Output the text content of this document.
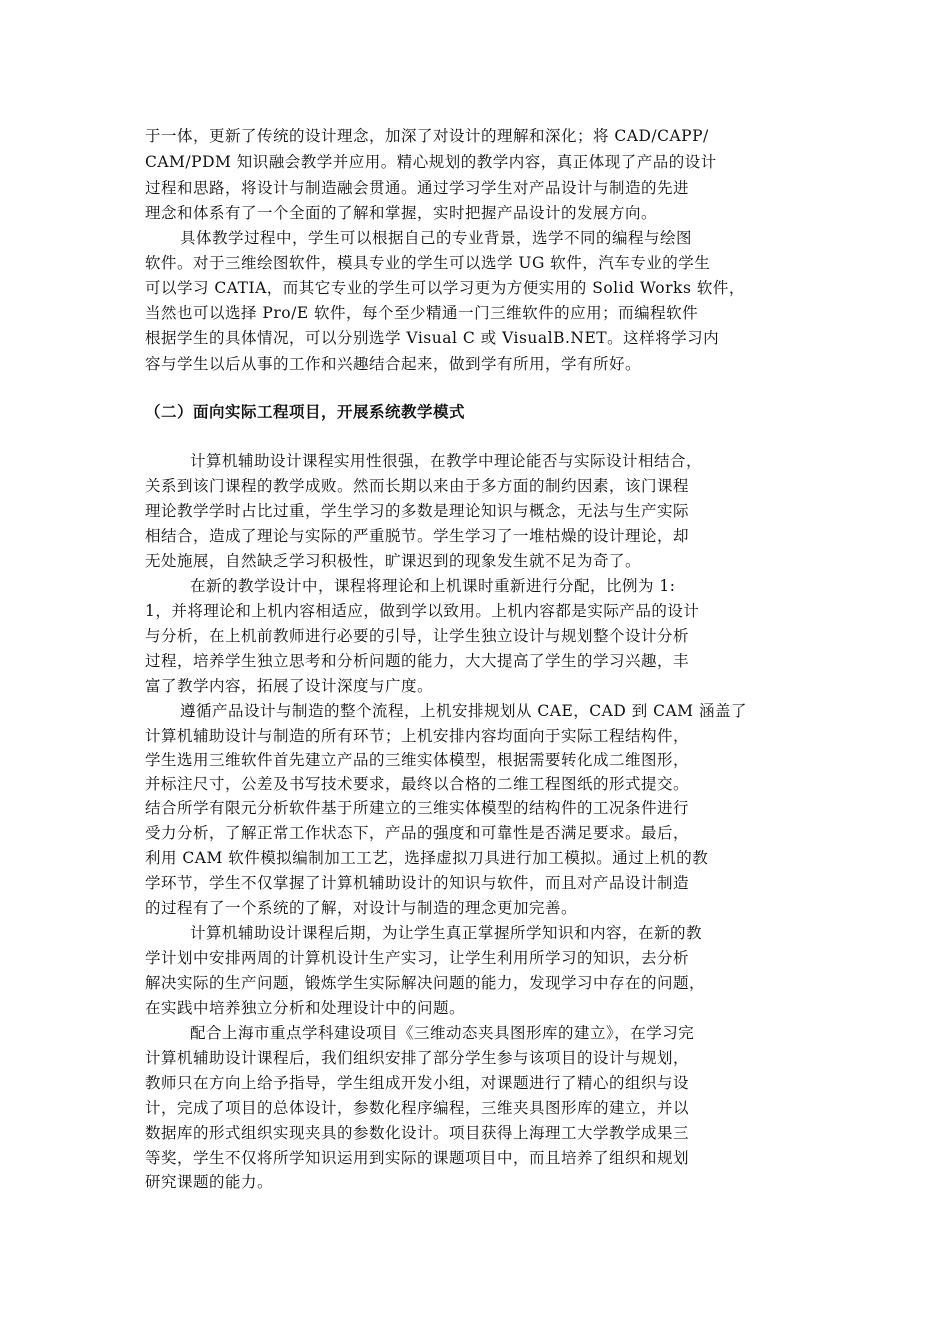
于一体，更新了传统的设计理念，加深了对设计的理解和深化；将 CAD/CAPP/
CAM/PDM 知识融会教学并应用。精心规划的教学内容，真正体现了产品的设计
过程和思路，将设计与制造融会贯通。通过学习学生对产品设计与制造的先进
理念和体系有了一个全面的了解和掌握，实时把握产品设计的发展方向。
具体教学过程中，学生可以根据自己的专业背景，选学不同的编程与绘图
软件。对于三维绘图软件，模具专业的学生可以选学 UG 软件，汽车专业的学生
可以学习 CATIA，而其它专业的学生可以学习更为方便实用的 Solid Works 软件，
当然也可以选择 Pro/E 软件，每个至少精通一门三维软件的应用；而编程软件
根据学生的具体情况，可以分别选学 Visual C 或 VisualB.NET。这样将学习内
容与学生以后从事的工作和兴趣结合起来，做到学有所用，学有所好。
（二）面向实际工程项目，开展系统教学模式
计算机辅助设计课程实用性很强，在教学中理论能否与实际设计相结合，
关系到该门课程的教学成败。然而长期以来由于多方面的制约因素，该门课程
理论教学学时占比过重，学生学习的多数是理论知识与概念，无法与生产实际
相结合，造成了理论与实际的严重脱节。学生学习了一堆枯燥的设计理论，却
无处施展，自然缺乏学习积极性，旷课迟到的现象发生就不足为奇了。
在新的教学设计中，课程将理论和上机课时重新进行分配，比例为 1:
1，并将理论和上机内容相适应，做到学以致用。上机内容都是实际产品的设计
与分析，在上机前教师进行必要的引导，让学生独立设计与规划整个设计分析
过程，培养学生独立思考和分析问题的能力，大大提高了学生的学习兴趣，丰
富了教学内容，拓展了设计深度与广度。
遵循产品设计与制造的整个流程，上机安排规划从 CAE，CAD 到 CAM 涵盖了
计算机辅助设计与制造的所有环节；上机安排内容均面向于实际工程结构件，
学生选用三维软件首先建立产品的三维实体模型，根据需要转化成二维图形，
并标注尺寸，公差及书写技术要求，最终以合格的二维工程图纸的形式提交。
结合所学有限元分析软件基于所建立的三维实体模型的结构件的工况条件进行
受力分析，了解正常工作状态下，产品的强度和可靠性是否满足要求。最后，
利用 CAM 软件模拟编制加工工艺，选择虚拟刀具进行加工模拟。通过上机的教
学环节，学生不仅掌握了计算机辅助设计的知识与软件，而且对产品设计制造
的过程有了一个系统的了解，对设计与制造的理念更加完善。
计算机辅助设计课程后期，为让学生真正掌握所学知识和内容，在新的教
学计划中安排两周的计算机设计生产实习，让学生利用所学习的知识，去分析
解决实际的生产问题，锻炼学生实际解决问题的能力，发现学习中存在的问题，
在实践中培养独立分析和处理设计中的问题。
配合上海市重点学科建设项目《三维动态夹具图形库的建立》，在学习完
计算机辅助设计课程后，我们组织安排了部分学生参与该项目的设计与规划，
教师只在方向上给予指导，学生组成开发小组，对课题进行了精心的组织与设
计，完成了项目的总体设计，参数化程序编程，三维夹具图形库的建立，并以
数据库的形式组织实现夹具的参数化设计。项目获得上海理工大学教学成果三
等奖，学生不仅将所学知识运用到实际的课题项目中，而且培养了组织和规划
研究课题的能力。
